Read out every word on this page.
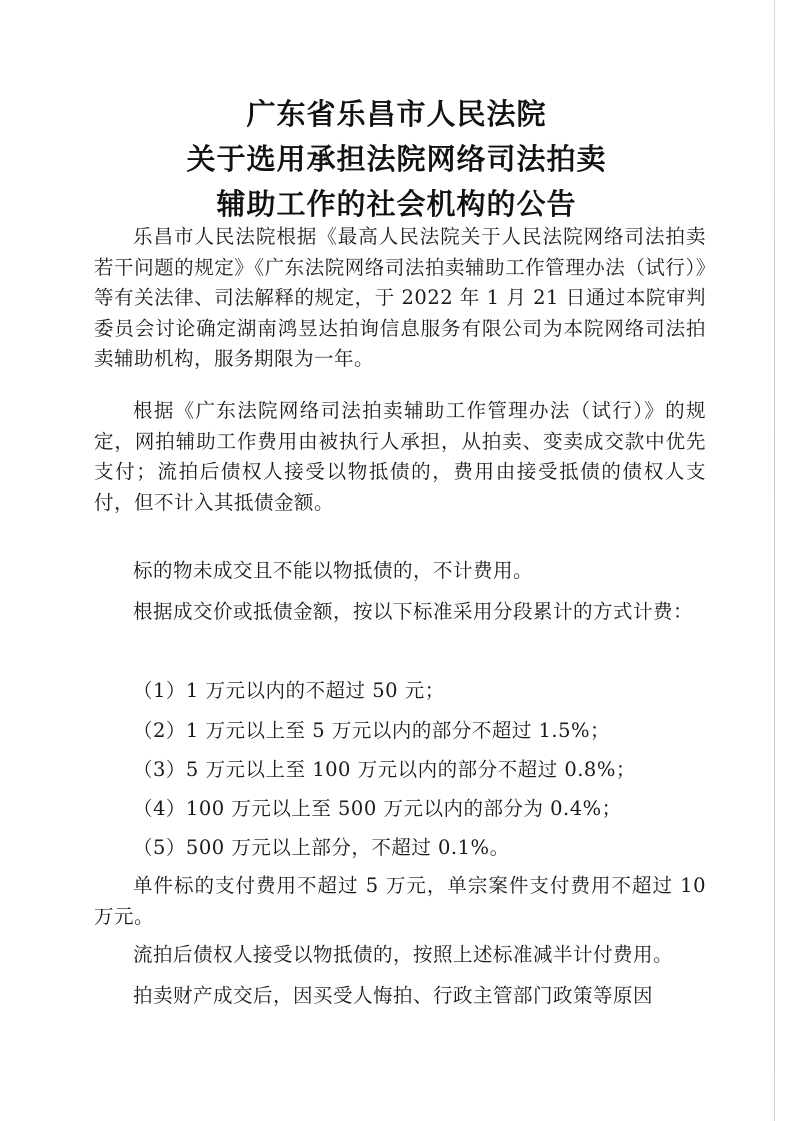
广东省乐昌市人民法院
关于选用承担法院网络司法拍卖
辅助工作的社会机构的公告

乐昌市人民法院根据《最高人民法院关于人民法院网络司法拍卖若干问题的规定》《广东法院网络司法拍卖辅助工作管理办法（试行）》等有关法律、司法解释的规定，于 2022 年 1 月 21 日通过本院审判委员会讨论确定湖南鸿昱达拍询信息服务有限公司为本院网络司法拍卖辅助机构，服务期限为一年。

根据《广东法院网络司法拍卖辅助工作管理办法（试行）》的规定，网拍辅助工作费用由被执行人承担，从拍卖、变卖成交款中优先支付；流拍后债权人接受以物抵债的，费用由接受抵债的债权人支付，但不计入其抵债金额。

标的物未成交且不能以物抵债的，不计费用。

根据成交价或抵债金额，按以下标准采用分段累计的方式计费：

（1）1 万元以内的不超过 50 元；

（2）1 万元以上至 5 万元以内的部分不超过 1.5%；

（3）5 万元以上至 100 万元以内的部分不超过 0.8%；

（4）100 万元以上至 500 万元以内的部分为 0.4%；

（5）500 万元以上部分，不超过 0.1%。

单件标的支付费用不超过 5 万元，单宗案件支付费用不超过 10 万元。

流拍后债权人接受以物抵债的，按照上述标准减半计付费用。

拍卖财产成交后，因买受人悔拍、行政主管部门政策等原因
